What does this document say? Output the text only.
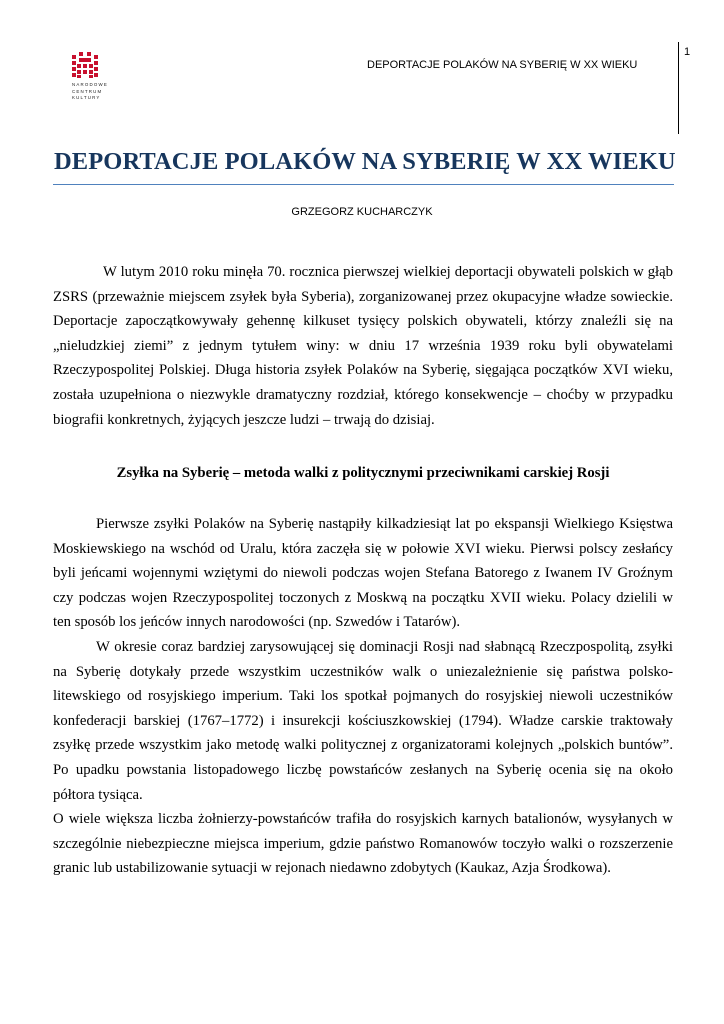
NARODOWE
CENTRUM
KULTURY
DEPORTACJE POLAKÓW NA SYBERIĘ W XX WIEKU
1
DEPORTACJE POLAKÓW NA SYBERIĘ W XX WIEKU
GRZEGORZ KUCHARCZYK

W lutym 2010 roku minęła 70. rocznica pierwszej wielkiej deportacji obywateli polskich w głąb ZSRS (przeważnie miejscem zsyłek była Syberia), zorganizowanej przez okupacyjne władze sowieckie. Deportacje zapoczątkowywały gehennę kilkuset tysięcy polskich obywateli, którzy znaleźli się na „nieludzkiej ziemi” z jednym tytułem winy: w dniu 17 września 1939 roku byli obywatelami Rzeczypospolitej Polskiej. Długa historia zsyłek Polaków na Syberię, sięgająca początków XVI wieku, została uzupełniona o niezwykle dramatyczny rozdział, którego konsekwencje – choćby w przypadku biografii konkretnych, żyjących jeszcze ludzi – trwają do dzisiaj.

Zsyłka na Syberię – metoda walki z politycznymi przeciwnikami carskiej Rosji

Pierwsze zsyłki Polaków na Syberię nastąpiły kilkadziesiąt lat po ekspansji Wielkiego Księstwa Moskiewskiego na wschód od Uralu, która zaczęła się w połowie XVI wieku. Pierwsi polscy zesłańcy byli jeńcami wojennymi wziętymi do niewoli podczas wojen Stefana Batorego z Iwanem IV Groźnym czy podczas wojen Rzeczypospolitej toczonych z Moskwą na początku XVII wieku. Polacy dzielili w ten sposób los jeńców innych narodowości (np. Szwedów i Tatarów).

W okresie coraz bardziej zarysowującej się dominacji Rosji nad słabnącą Rzeczpospolitą, zsyłki na Syberię dotykały przede wszystkim uczestników walk o uniezależnienie się państwa polsko-litewskiego od rosyjskiego imperium. Taki los spotkał pojmanych do rosyjskiej niewoli uczestników konfederacji barskiej (1767–1772) i insurekcji kościuszkowskiej (1794). Władze carskie traktowały zsyłkę przede wszystkim jako metodę walki politycznej z organizatorami kolejnych „polskich buntów”. Po upadku powstania listopadowego liczbę powstańców zesłanych na Syberię ocenia się na około półtora tysiąca.

O wiele większa liczba żołnierzy-powstańców trafiła do rosyjskich karnych batalionów, wysyłanych w szczególnie niebezpieczne miejsca imperium, gdzie państwo Romanowów toczyło walki o rozszerzenie granic lub ustabilizowanie sytuacji w rejonach niedawno zdobytych (Kaukaz, Azja Środkowa).
